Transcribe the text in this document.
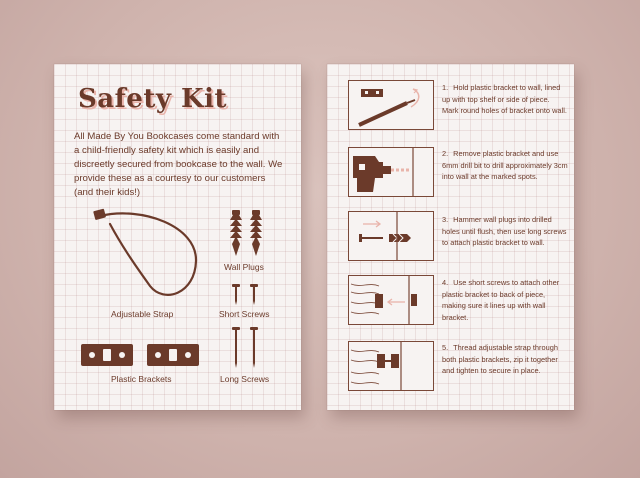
Safety Kit

All Made By You Bookcases come standard with a child-friendly safety kit which is easily and discreetly secured from bookcase to the wall. We provide these as a courtesy to our customers (and their kids!)

Adjustable Strap
Wall Plugs
Short Screws
Plastic Brackets	Long Screws

1. Hold plastic bracket to wall, lined up with top shelf or side of piece. Mark round holes of bracket onto wall.

2. Remove plastic bracket and use 6mm drill bit to drill approximately 3cm into wall at the marked spots.

3. Hammer wall plugs into drilled holes until flush, then use long screws to attach plastic bracket to wall.

4. Use short screws to attach other plastic bracket to back of piece, making sure it lines up with wall bracket.

5. Thread adjustable strap through both plastic brackets, zip it together and tighten to secure in place.
